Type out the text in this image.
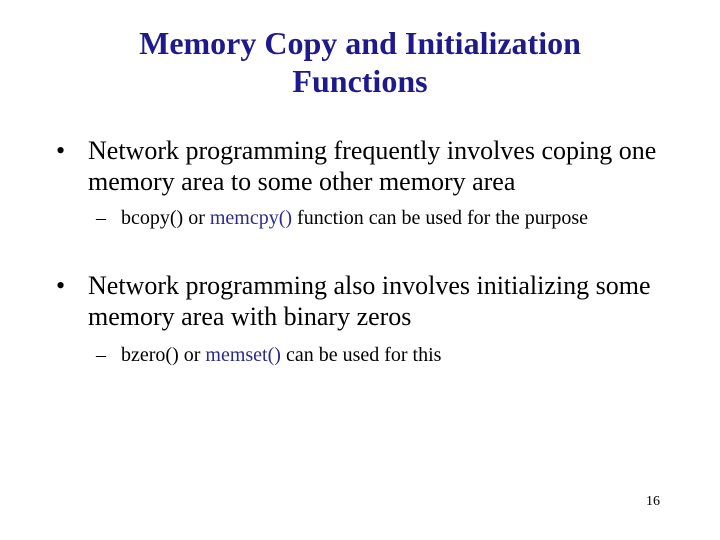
Memory Copy and Initialization
Functions
• Network programming frequently involves coping one memory area to some other memory area
– bcopy() or memcpy() function can be used for the purpose
• Network programming also involves initializing some memory area with binary zeros
– bzero() or memset() can be used for this
16
